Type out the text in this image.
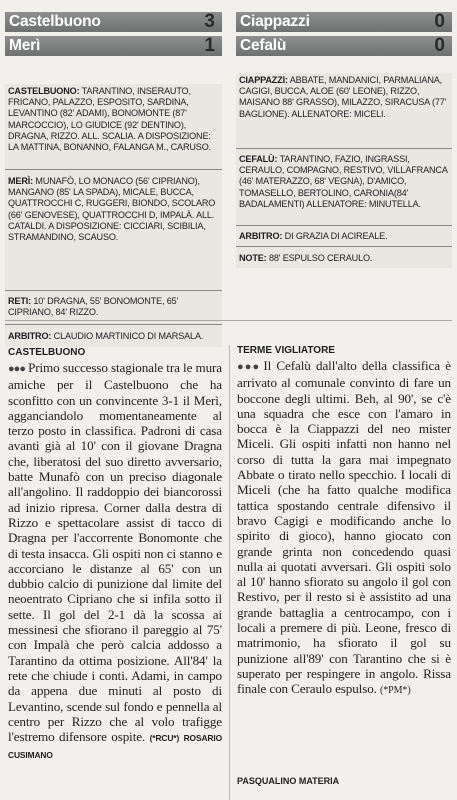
Castelbuono	3
Merì	1
CASTELBUONO: TARANTINO, INSERAUTO, FRICANO, PALAZZO, ESPOSITO, SARDINA, LEVANTINO (82' ADAMI), BONOMONTE (87' MARCOCCIO), LO GIUDICE (92' DENTINO), DRAGNA, RIZZO. ALL. SCALIA. A DISPOSIZIONE: LA MATTINA, BONANNO, FALANGA M., CARUSO.
MERÌ: MUNAFÒ, LO MONACO (56' CIPRIANO), MANGANO (85' LA SPADA), MICALE, BUCCA, QUATTROCCHI C, RUGGERI, BIONDO, SCOLARO (66' GENOVESE), QUATTROCCHI D, IMPALÀ. ALL. CATALDI. A DISPOSIZIONE: CICCIARI, SCIBILIA, STRAMANDINO, SCAUSO.
RETI: 10' DRAGNA, 55' BONOMONTE, 65' CIPRIANO, 84' RIZZO.
ARBITRO: CLAUDIO MARTINICO DI MARSALA.
Ciappazzi	0
Cefalù	0
CIAPPAZZI: ABBATE, MANDANICI, PARMALIANA, CAGIGI, BUCCA, ALOE (60' LEONE), RIZZO, MAISANO 88' GRASSO), MILAZZO, SIRACUSA (77' BAGLIONE). ALLENATORE: MICELI.
CEFALÙ: TARANTINO, FAZIO, INGRASSI, CERAULO, COMPAGNO, RESTIVO, VILLAFRANCA (46' MATERAZZO, 68' VEGNA), D'AMICO, TOMASELLO, BERTOLINO, CARONIA(84' BADALAMENTI) ALLENATORE: MINUTELLA.
ARBITRO: DI GRAZIA DI ACIREALE.
NOTE: 88' ESPULSO CERAULO.
CASTELBUONO
●●● Primo successo stagionale tra le mura amiche per il Castelbuono che ha sconfitto con un convincente 3-1 il Merì, agganciandolo momentaneamente al terzo posto in classifica. Padroni di casa avanti già al 10' con il giovane Dragna che, liberatosi del suo diretto avversario, batte Munafò con un preciso diagonale all'angolino. Il raddoppio dei biancorossi ad inizio ripresa. Corner dalla destra di Rizzo e spettacolare assist di tacco di Dragna per l'accorrente Bonomonte che di testa insacca. Gli ospiti non ci stanno e accorciano le distanze al 65' con un dubbio calcio di punizione dal limite del neoentrato Cipriano che si infila sotto il sette. Il gol del 2-1 dà la scossa ai messinesi che sfiorano il pareggio al 75' con Impalà che però calcia addosso a Tarantino da ottima posizione. All'84' la rete che chiude i conti. Adami, in campo da appena due minuti al posto di Levantino, scende sul fondo e pennella al centro per Rizzo che al volo trafigge l'estremo difensore ospite. (*RCU*) ROSARIO CUSIMANO
TERME VIGLIATORE
●●● Il Cefalù dall'alto della classifica è arrivato al comunale convinto di fare un boccone degli ultimi. Beh, al 90', se c'è una squadra che esce con l'amaro in bocca è la Ciappazzi del neo mister Miceli. Gli ospiti infatti non hanno nel corso di tutta la gara mai impegnato Abbate o tirato nello specchio. I locali di Miceli (che ha fatto qualche modifica tattica spostando centrale difensivo il bravo Cagigi e modificando anche lo spirito di gioco), hanno giocato con grande grinta non concedendo quasi nulla ai quotati avversari. Gli ospiti solo al 10' hanno sfiorato su angolo il gol con Restivo, per il resto si è assistito ad una grande battaglia a centrocampo, con i locali a premere di più. Leone, fresco di matrimonio, ha sfiorato il gol su punizione all'89' con Tarantino che si è superato per respingere in angolo. Rissa finale con Ceraulo espulso. (*PM*)
PASQUALINO MATERIA
